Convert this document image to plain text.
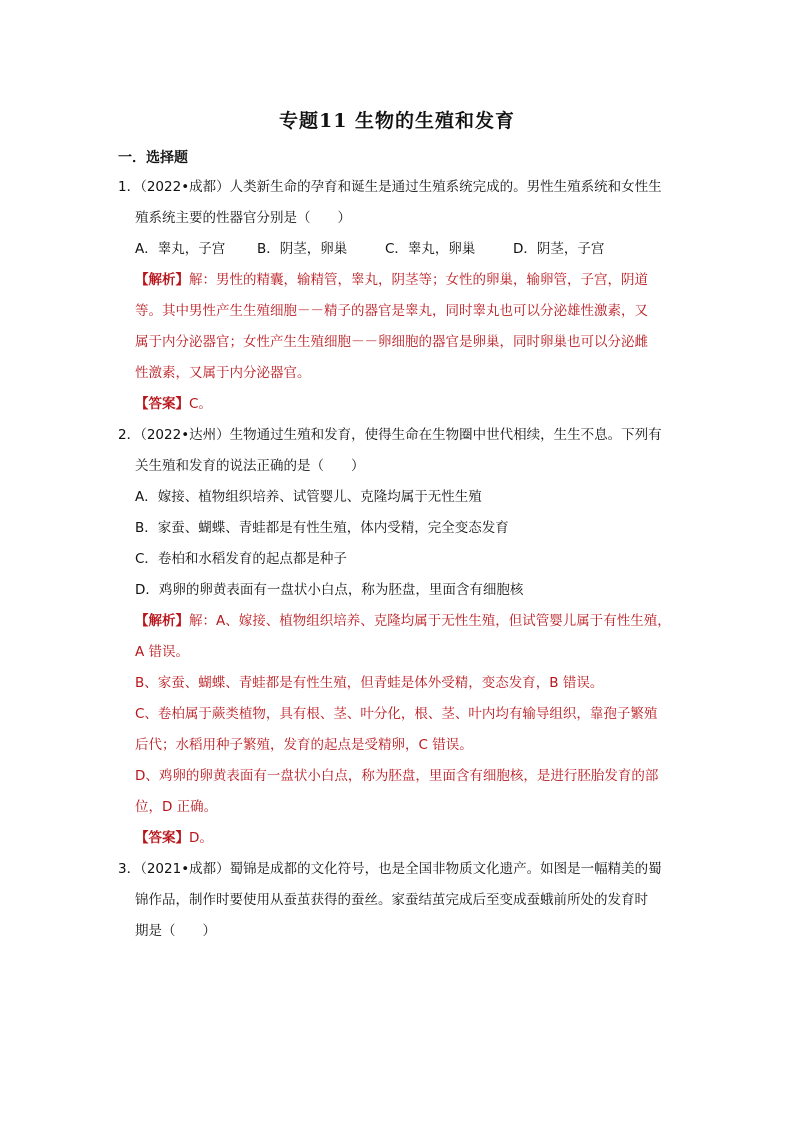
专题11 生物的生殖和发育
一．选择题

1．（2022•成都）人类新生命的孕育和诞生是通过生殖系统完成的。男性生殖系统和女性生

殖系统主要的性器官分别是（　　）

A．睾丸，子宫	B．阴茎，卵巢	C．睾丸，卵巢	D．阴茎，子宫

【解析】解：男性的精囊，输精管，睾丸，阴茎等；女性的卵巢，输卵管，子宫，阴道

等。其中男性产生生殖细胞－－精子的器官是睾丸，同时睾丸也可以分泌雄性激素，又

属于内分泌器官；女性产生生殖细胞－－卵细胞的器官是卵巢，同时卵巢也可以分泌雌

性激素，又属于内分泌器官。

【答案】C。

2．（2022•达州）生物通过生殖和发育，使得生命在生物圈中世代相续，生生不息。下列有

关生殖和发育的说法正确的是（　　）

A．嫁接、植物组织培养、试管婴儿、克隆均属于无性生殖

B．家蚕、蝴蝶、青蛙都是有性生殖，体内受精，完全变态发育

C．卷柏和水稻发育的起点都是种子

D．鸡卵的卵黄表面有一盘状小白点，称为胚盘，里面含有细胞核

【解析】解：A、嫁接、植物组织培养、克隆均属于无性生殖，但试管婴儿属于有性生殖，

A 错误。

B、家蚕、蝴蝶、青蛙都是有性生殖，但青蛙是体外受精，变态发育，B 错误。

C、卷柏属于蕨类植物，具有根、茎、叶分化，根、茎、叶内均有输导组织，靠孢子繁殖

后代；水稻用种子繁殖，发育的起点是受精卵，C 错误。

D、鸡卵的卵黄表面有一盘状小白点，称为胚盘，里面含有细胞核，是进行胚胎发育的部

位，D 正确。

【答案】D。

3．（2021•成都）蜀锦是成都的文化符号，也是全国非物质文化遗产。如图是一幅精美的蜀

锦作品，制作时要使用从蚕茧获得的蚕丝。家蚕结茧完成后至变成蚕蛾前所处的发育时

期是（　　）
